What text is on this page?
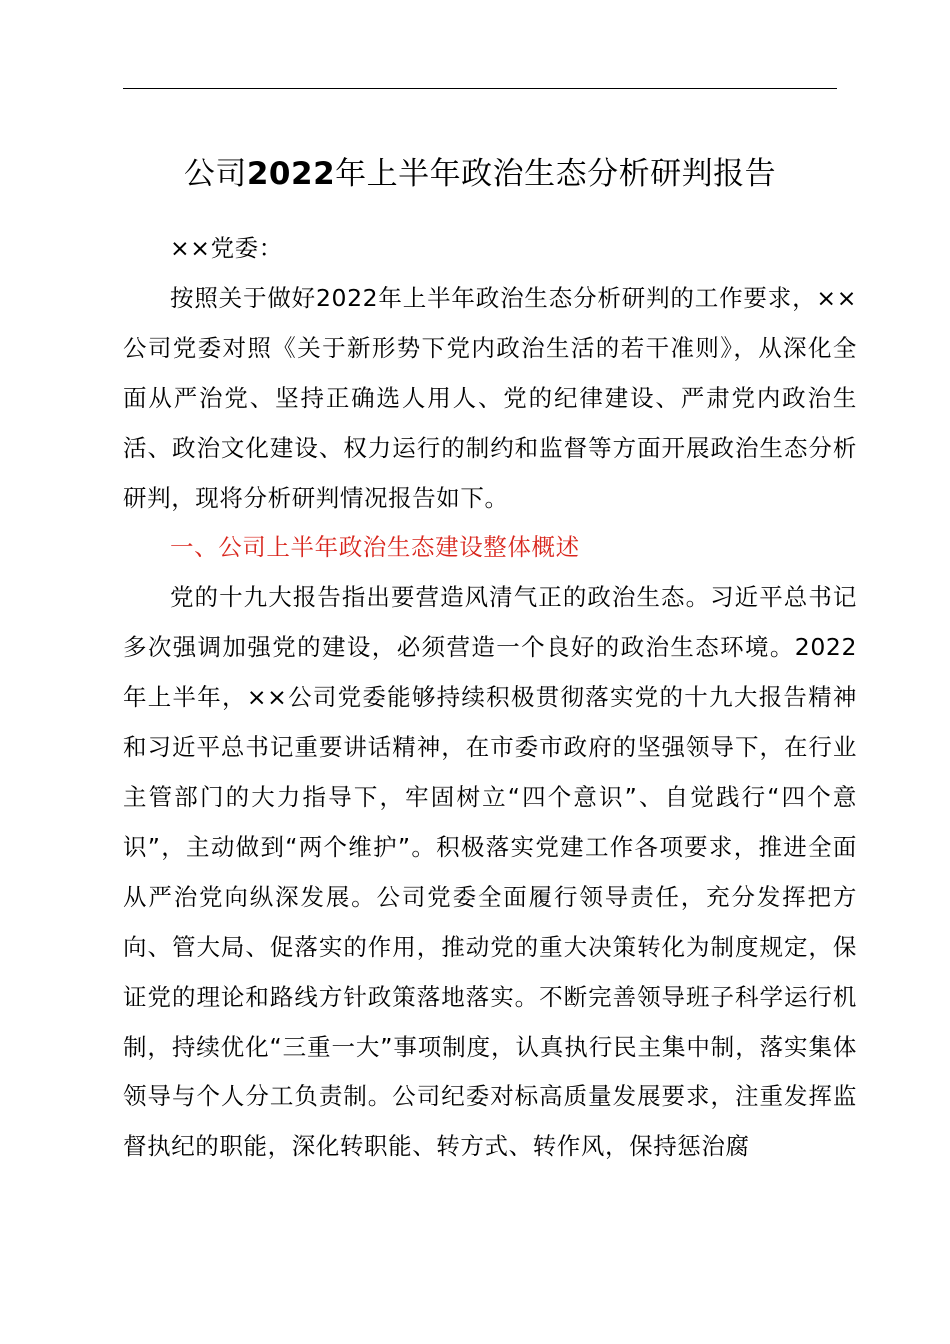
公司2022年上半年政治生态分析研判报告

××党委：

按照关于做好2022年上半年政治生态分析研判的工作要求，××公司党委对照《关于新形势下党内政治生活的若干准则》，从深化全面从严治党、坚持正确选人用人、党的纪律建设、严肃党内政治生活、政治文化建设、权力运行的制约和监督等方面开展政治生态分析研判，现将分析研判情况报告如下。

一、公司上半年政治生态建设整体概述

党的十九大报告指出要营造风清气正的政治生态。习近平总书记多次强调加强党的建设，必须营造一个良好的政治生态环境。2022年上半年，××公司党委能够持续积极贯彻落实党的十九大报告精神和习近平总书记重要讲话精神，在市委市政府的坚强领导下，在行业主管部门的大力指导下，牢固树立“四个意识”、自觉践行“四个意识”，主动做到“两个维护”。积极落实党建工作各项要求，推进全面从严治党向纵深发展。公司党委全面履行领导责任，充分发挥把方向、管大局、促落实的作用，推动党的重大决策转化为制度规定，保证党的理论和路线方针政策落地落实。不断完善领导班子科学运行机制，持续优化“三重一大”事项制度，认真执行民主集中制，落实集体领导与个人分工负责制。公司纪委对标高质量发展要求，注重发挥监督执纪的职能，深化转职能、转方式、转作风，保持惩治腐
